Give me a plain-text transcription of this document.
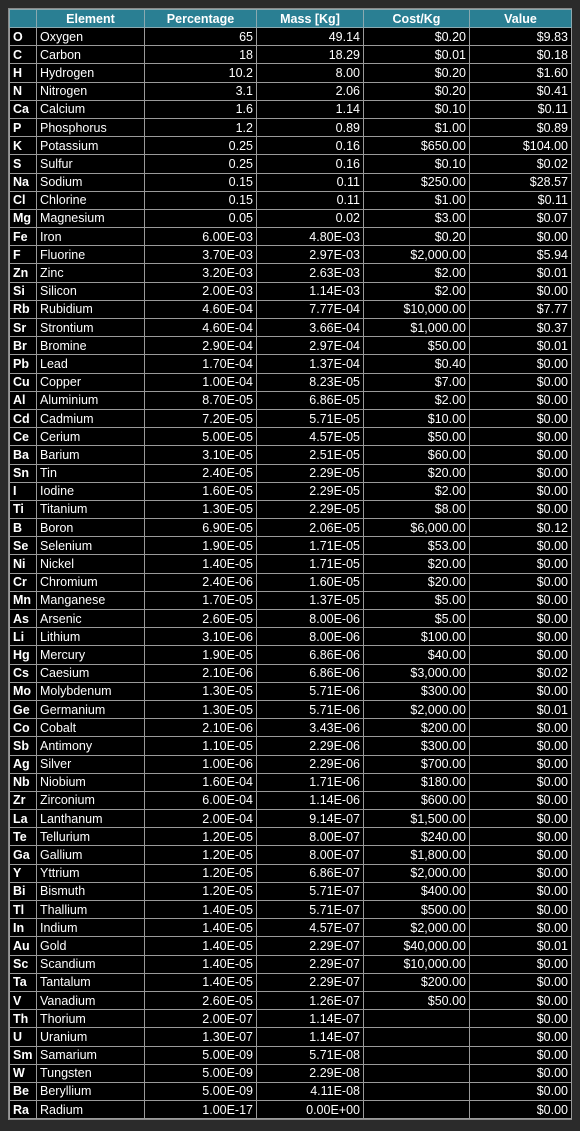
	Element	Percentage	Mass [Kg]	Cost/Kg	Value
O	Oxygen	65	49.14	$0.20	$9.83
C	Carbon	18	18.29	$0.01	$0.18
H	Hydrogen	10.2	8.00	$0.20	$1.60
N	Nitrogen	3.1	2.06	$0.20	$0.41
Ca	Calcium	1.6	1.14	$0.10	$0.11
P	Phosphorus	1.2	0.89	$1.00	$0.89
K	Potassium	0.25	0.16	$650.00	$104.00
S	Sulfur	0.25	0.16	$0.10	$0.02
Na	Sodium	0.15	0.11	$250.00	$28.57
Cl	Chlorine	0.15	0.11	$1.00	$0.11
Mg	Magnesium	0.05	0.02	$3.00	$0.07
Fe	Iron	6.00E-03	4.80E-03	$0.20	$0.00
F	Fluorine	3.70E-03	2.97E-03	$2,000.00	$5.94
Zn	Zinc	3.20E-03	2.63E-03	$2.00	$0.01
Si	Silicon	2.00E-03	1.14E-03	$2.00	$0.00
Rb	Rubidium	4.60E-04	7.77E-04	$10,000.00	$7.77
Sr	Strontium	4.60E-04	3.66E-04	$1,000.00	$0.37
Br	Bromine	2.90E-04	2.97E-04	$50.00	$0.01
Pb	Lead	1.70E-04	1.37E-04	$0.40	$0.00
Cu	Copper	1.00E-04	8.23E-05	$7.00	$0.00
Al	Aluminium	8.70E-05	6.86E-05	$2.00	$0.00
Cd	Cadmium	7.20E-05	5.71E-05	$10.00	$0.00
Ce	Cerium	5.00E-05	4.57E-05	$50.00	$0.00
Ba	Barium	3.10E-05	2.51E-05	$60.00	$0.00
Sn	Tin	2.40E-05	2.29E-05	$20.00	$0.00
I	Iodine	1.60E-05	2.29E-05	$2.00	$0.00
Ti	Titanium	1.30E-05	2.29E-05	$8.00	$0.00
B	Boron	6.90E-05	2.06E-05	$6,000.00	$0.12
Se	Selenium	1.90E-05	1.71E-05	$53.00	$0.00
Ni	Nickel	1.40E-05	1.71E-05	$20.00	$0.00
Cr	Chromium	2.40E-06	1.60E-05	$20.00	$0.00
Mn	Manganese	1.70E-05	1.37E-05	$5.00	$0.00
As	Arsenic	2.60E-05	8.00E-06	$5.00	$0.00
Li	Lithium	3.10E-06	8.00E-06	$100.00	$0.00
Hg	Mercury	1.90E-05	6.86E-06	$40.00	$0.00
Cs	Caesium	2.10E-06	6.86E-06	$3,000.00	$0.02
Mo	Molybdenum	1.30E-05	5.71E-06	$300.00	$0.00
Ge	Germanium	1.30E-05	5.71E-06	$2,000.00	$0.01
Co	Cobalt	2.10E-06	3.43E-06	$200.00	$0.00
Sb	Antimony	1.10E-05	2.29E-06	$300.00	$0.00
Ag	Silver	1.00E-06	2.29E-06	$700.00	$0.00
Nb	Niobium	1.60E-04	1.71E-06	$180.00	$0.00
Zr	Zirconium	6.00E-04	1.14E-06	$600.00	$0.00
La	Lanthanum	2.00E-04	9.14E-07	$1,500.00	$0.00
Te	Tellurium	1.20E-05	8.00E-07	$240.00	$0.00
Ga	Gallium	1.20E-05	8.00E-07	$1,800.00	$0.00
Y	Yttrium	1.20E-05	6.86E-07	$2,000.00	$0.00
Bi	Bismuth	1.20E-05	5.71E-07	$400.00	$0.00
Tl	Thallium	1.40E-05	5.71E-07	$500.00	$0.00
In	Indium	1.40E-05	4.57E-07	$2,000.00	$0.00
Au	Gold	1.40E-05	2.29E-07	$40,000.00	$0.01
Sc	Scandium	1.40E-05	2.29E-07	$10,000.00	$0.00
Ta	Tantalum	1.40E-05	2.29E-07	$200.00	$0.00
V	Vanadium	2.60E-05	1.26E-07	$50.00	$0.00
Th	Thorium	2.00E-07	1.14E-07		$0.00
U	Uranium	1.30E-07	1.14E-07		$0.00
Sm	Samarium	5.00E-09	5.71E-08		$0.00
W	Tungsten	5.00E-09	2.29E-08		$0.00
Be	Beryllium	5.00E-09	4.11E-08		$0.00
Ra	Radium	1.00E-17	0.00E+00		$0.00
